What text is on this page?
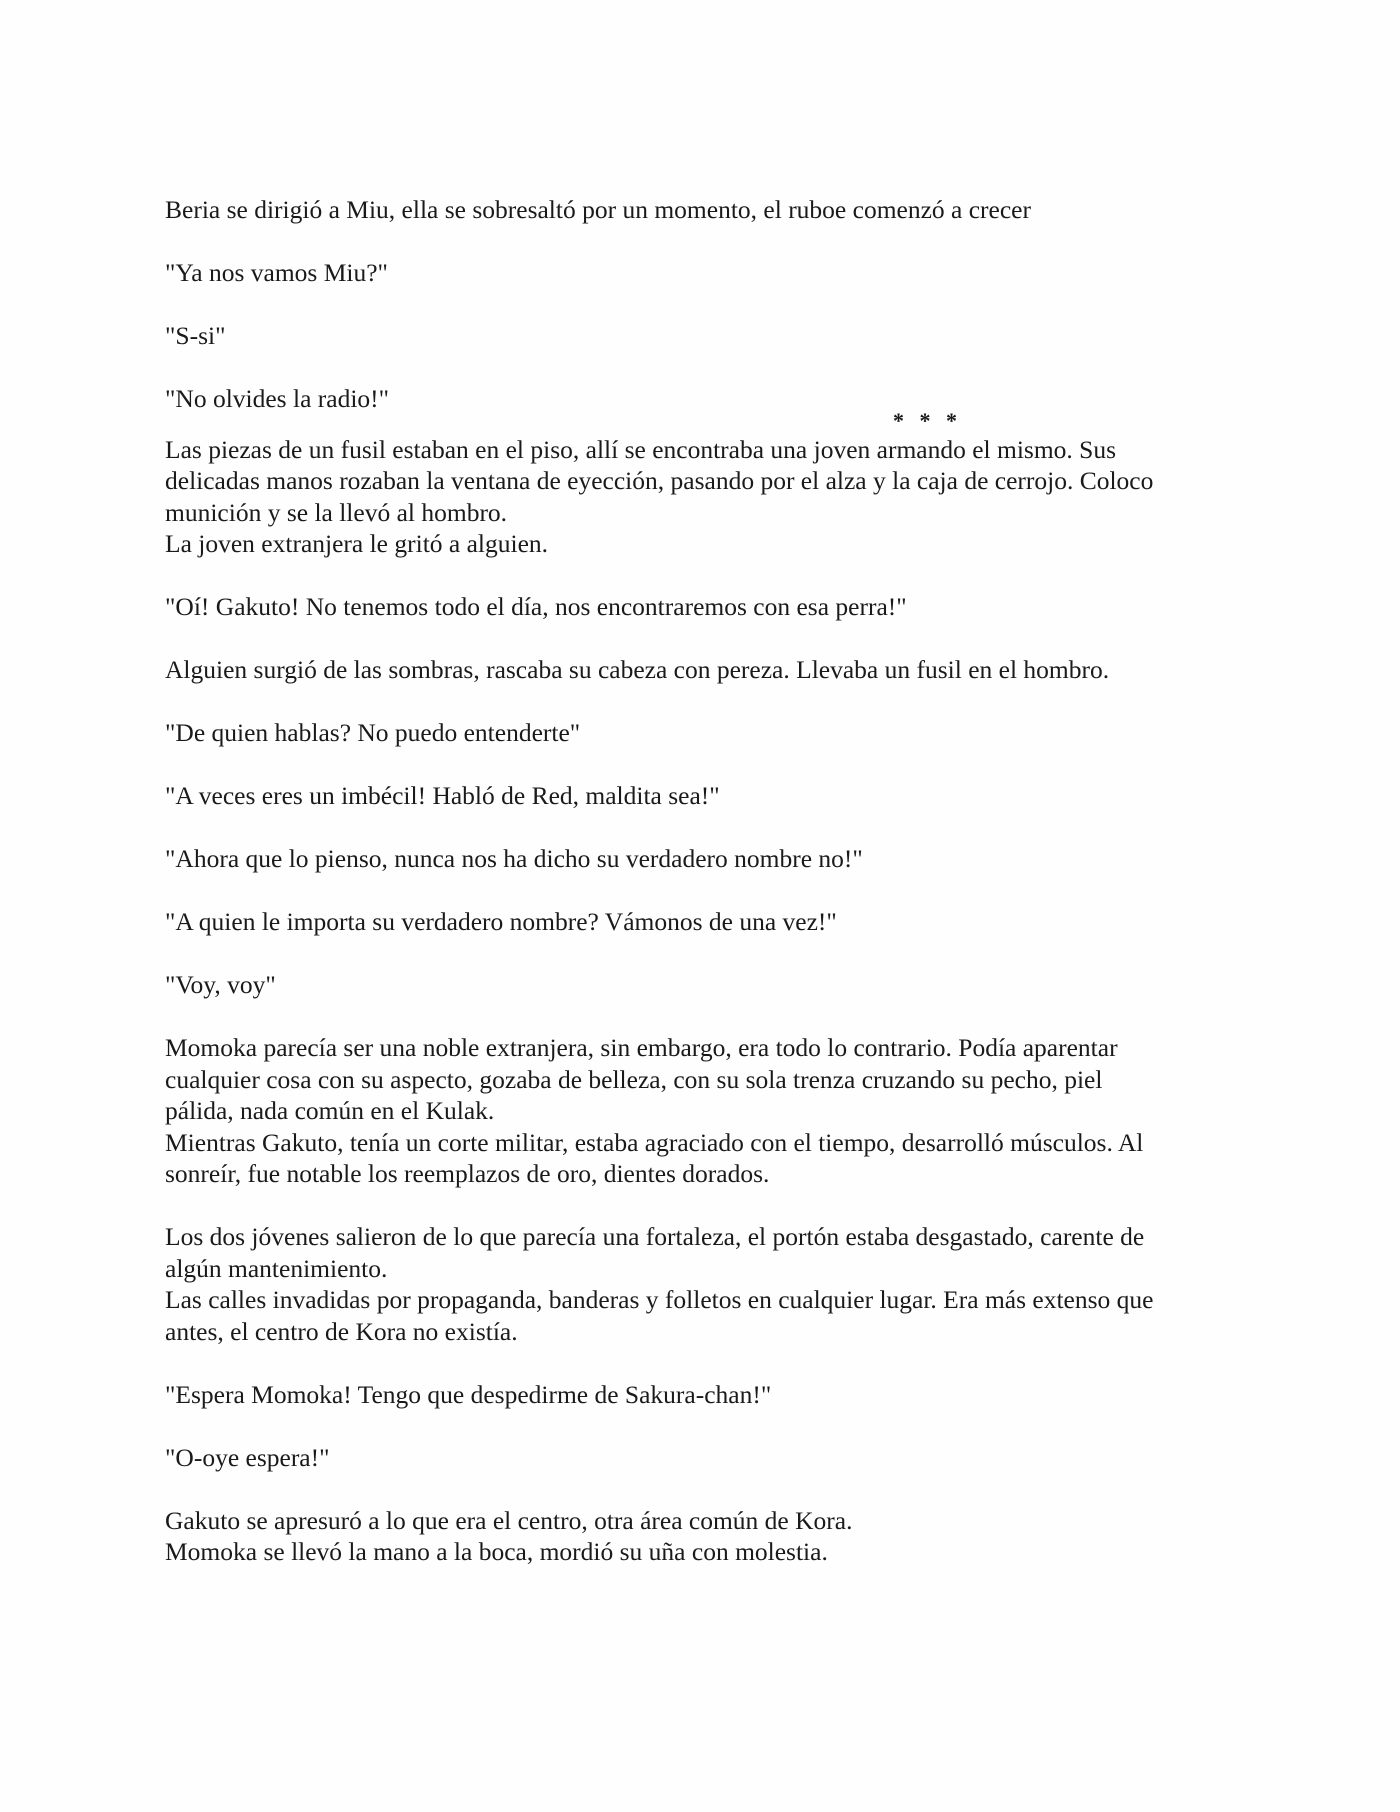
Beria se dirigió a Miu, ella se sobresaltó por un momento, el ruboe comenzó a crecer

"Ya nos vamos Miu?"

"S-si"

"No olvides la radio!"

* * *
Las piezas de un fusil estaban en el piso, allí se encontraba una joven armando el mismo. Sus
delicadas manos rozaban la ventana de eyección, pasando por el alza y la caja de cerrojo. Coloco
munición y se la llevó al hombro.
La joven extranjera le gritó a alguien.

"Oí! Gakuto! No tenemos todo el día, nos encontraremos con esa perra!"

Alguien surgió de las sombras, rascaba su cabeza con pereza. Llevaba un fusil en el hombro.

"De quien hablas? No puedo entenderte"

"A veces eres un imbécil! Habló de Red, maldita sea!"

"Ahora que lo pienso, nunca nos ha dicho su verdadero nombre no!"

"A quien le importa su verdadero nombre? Vámonos de una vez!"

"Voy, voy"

Momoka parecía ser una noble extranjera, sin embargo, era todo lo contrario. Podía aparentar
cualquier cosa con su aspecto, gozaba de belleza, con su sola trenza cruzando su pecho, piel
pálida, nada común en el Kulak.
Mientras Gakuto, tenía un corte militar, estaba agraciado con el tiempo, desarrolló músculos. Al
sonreír, fue notable los reemplazos de oro, dientes dorados.
Los dos jóvenes salieron de lo que parecía una fortaleza, el portón estaba desgastado, carente de
algún mantenimiento.
Las calles invadidas por propaganda, banderas y folletos en cualquier lugar. Era más extenso que
antes, el centro de Kora no existía.

"Espera Momoka! Tengo que despedirme de Sakura-chan!"

"O-oye espera!"

Gakuto se apresuró a lo que era el centro, otra área común de Kora.
Momoka se llevó la mano a la boca, mordió su uña con molestia.
